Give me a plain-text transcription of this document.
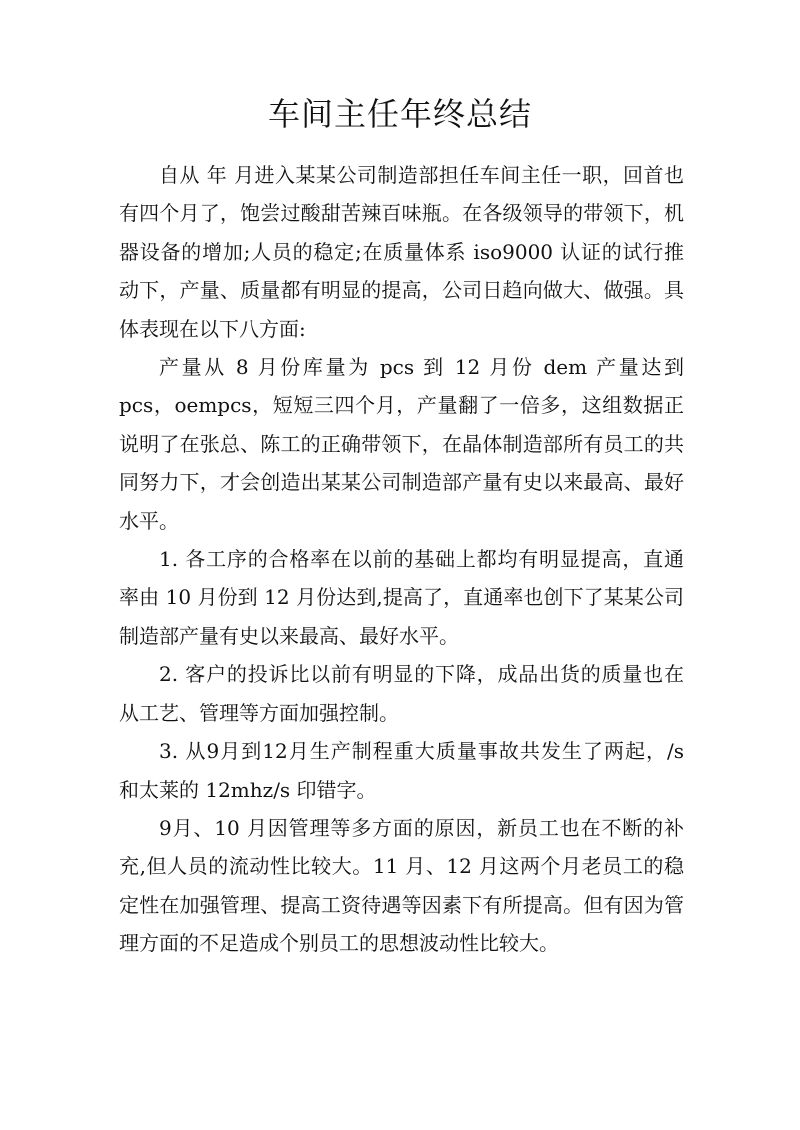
车间主任年终总结

自从 年 月进入某某公司制造部担任车间主任一职，回首也有四个月了，饱尝过酸甜苦辣百味瓶。在各级领导的带领下，机器设备的增加;人员的稳定;在质量体系 iso9000 认证的试行推动下，产量、质量都有明显的提高，公司日趋向做大、做强。具体表现在以下八方面:

产量从 8 月份库量为 pcs 到 12 月份 dem 产量达到 pcs，oempcs，短短三四个月，产量翻了一倍多，这组数据正说明了在张总、陈工的正确带领下，在晶体制造部所有员工的共同努力下，才会创造出某某公司制造部产量有史以来最高、最好水平。

1. 各工序的合格率在以前的基础上都均有明显提高，直通率由 10 月份到 12 月份达到,提高了，直通率也创下了某某公司制造部产量有史以来最高、最好水平。

2. 客户的投诉比以前有明显的下降，成品出货的质量也在从工艺、管理等方面加强控制。

3. 从9月到12月生产制程重大质量事故共发生了两起，/s 和太莱的 12mhz/s 印错字。

9月、10 月因管理等多方面的原因，新员工也在不断的补充,但人员的流动性比较大。11 月、12 月这两个月老员工的稳定性在加强管理、提高工资待遇等因素下有所提高。但有因为管理方面的不足造成个别员工的思想波动性比较大。
